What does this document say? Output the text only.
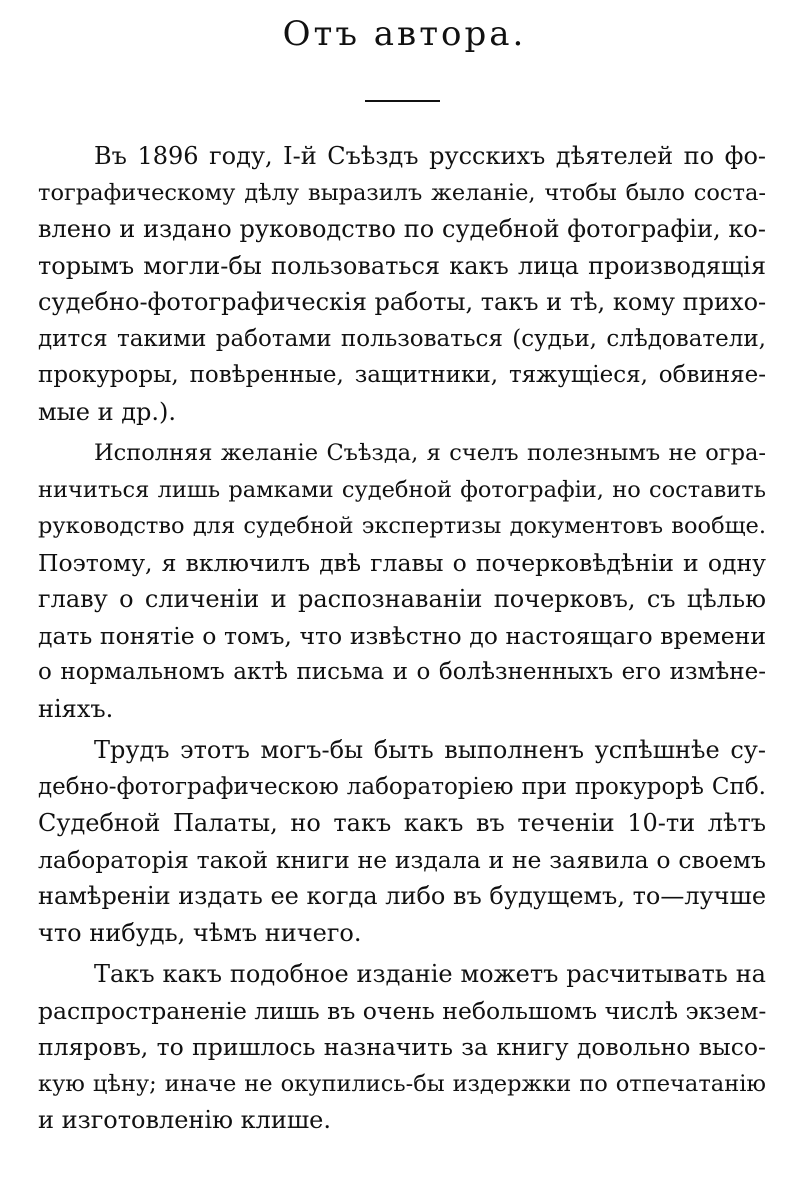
Отъ автора.
Въ 1896 году, I-й Съѣздъ русскихъ дѣятелей по фо-
тографическому дѣлу выразилъ желаніе, чтобы было соста-
влено и издано руководство по судебной фотографіи, ко-
торымъ могли-бы пользоваться какъ лица производящія
судебно-фотографическія работы, такъ и тѣ, кому прихо-
дится такими работами пользоваться (судьи, слѣдователи,
прокуроры, повѣренные, защитники, тяжущіеся, обвиняе-
мые и др.).
Исполняя желаніе Съѣзда, я счелъ полезнымъ не огра-
ничиться лишь рамками судебной фотографіи, но составить
руководство для судебной экспертизы документовъ вообще.
Поэтому, я включилъ двѣ главы о почерковѣдѣніи и одну
главу о сличеніи и распознаваніи почерковъ, съ цѣлью
дать понятіе о томъ, что извѣстно до настоящаго времени
о нормальномъ актѣ письма и о болѣзненныхъ его измѣне-
ніяхъ.
Трудъ этотъ могъ-бы быть выполненъ успѣшнѣе су-
дебно-фотографическою лабораторіею при прокурорѣ Спб.
Судебной Палаты, но такъ какъ въ теченіи 10-ти лѣтъ
лабораторія такой книги не издала и не заявила о своемъ
намѣреніи издать ее когда либо въ будущемъ, то—лучше
что нибудь, чѣмъ ничего.
Такъ какъ подобное изданіе можетъ расчитывать на
распространеніе лишь въ очень небольшомъ числѣ экзем-
пляровъ, то пришлось назначить за книгу довольно высо-
кую цѣну; иначе не окупились-бы издержки по отпечатанію
и изготовленію клише.
